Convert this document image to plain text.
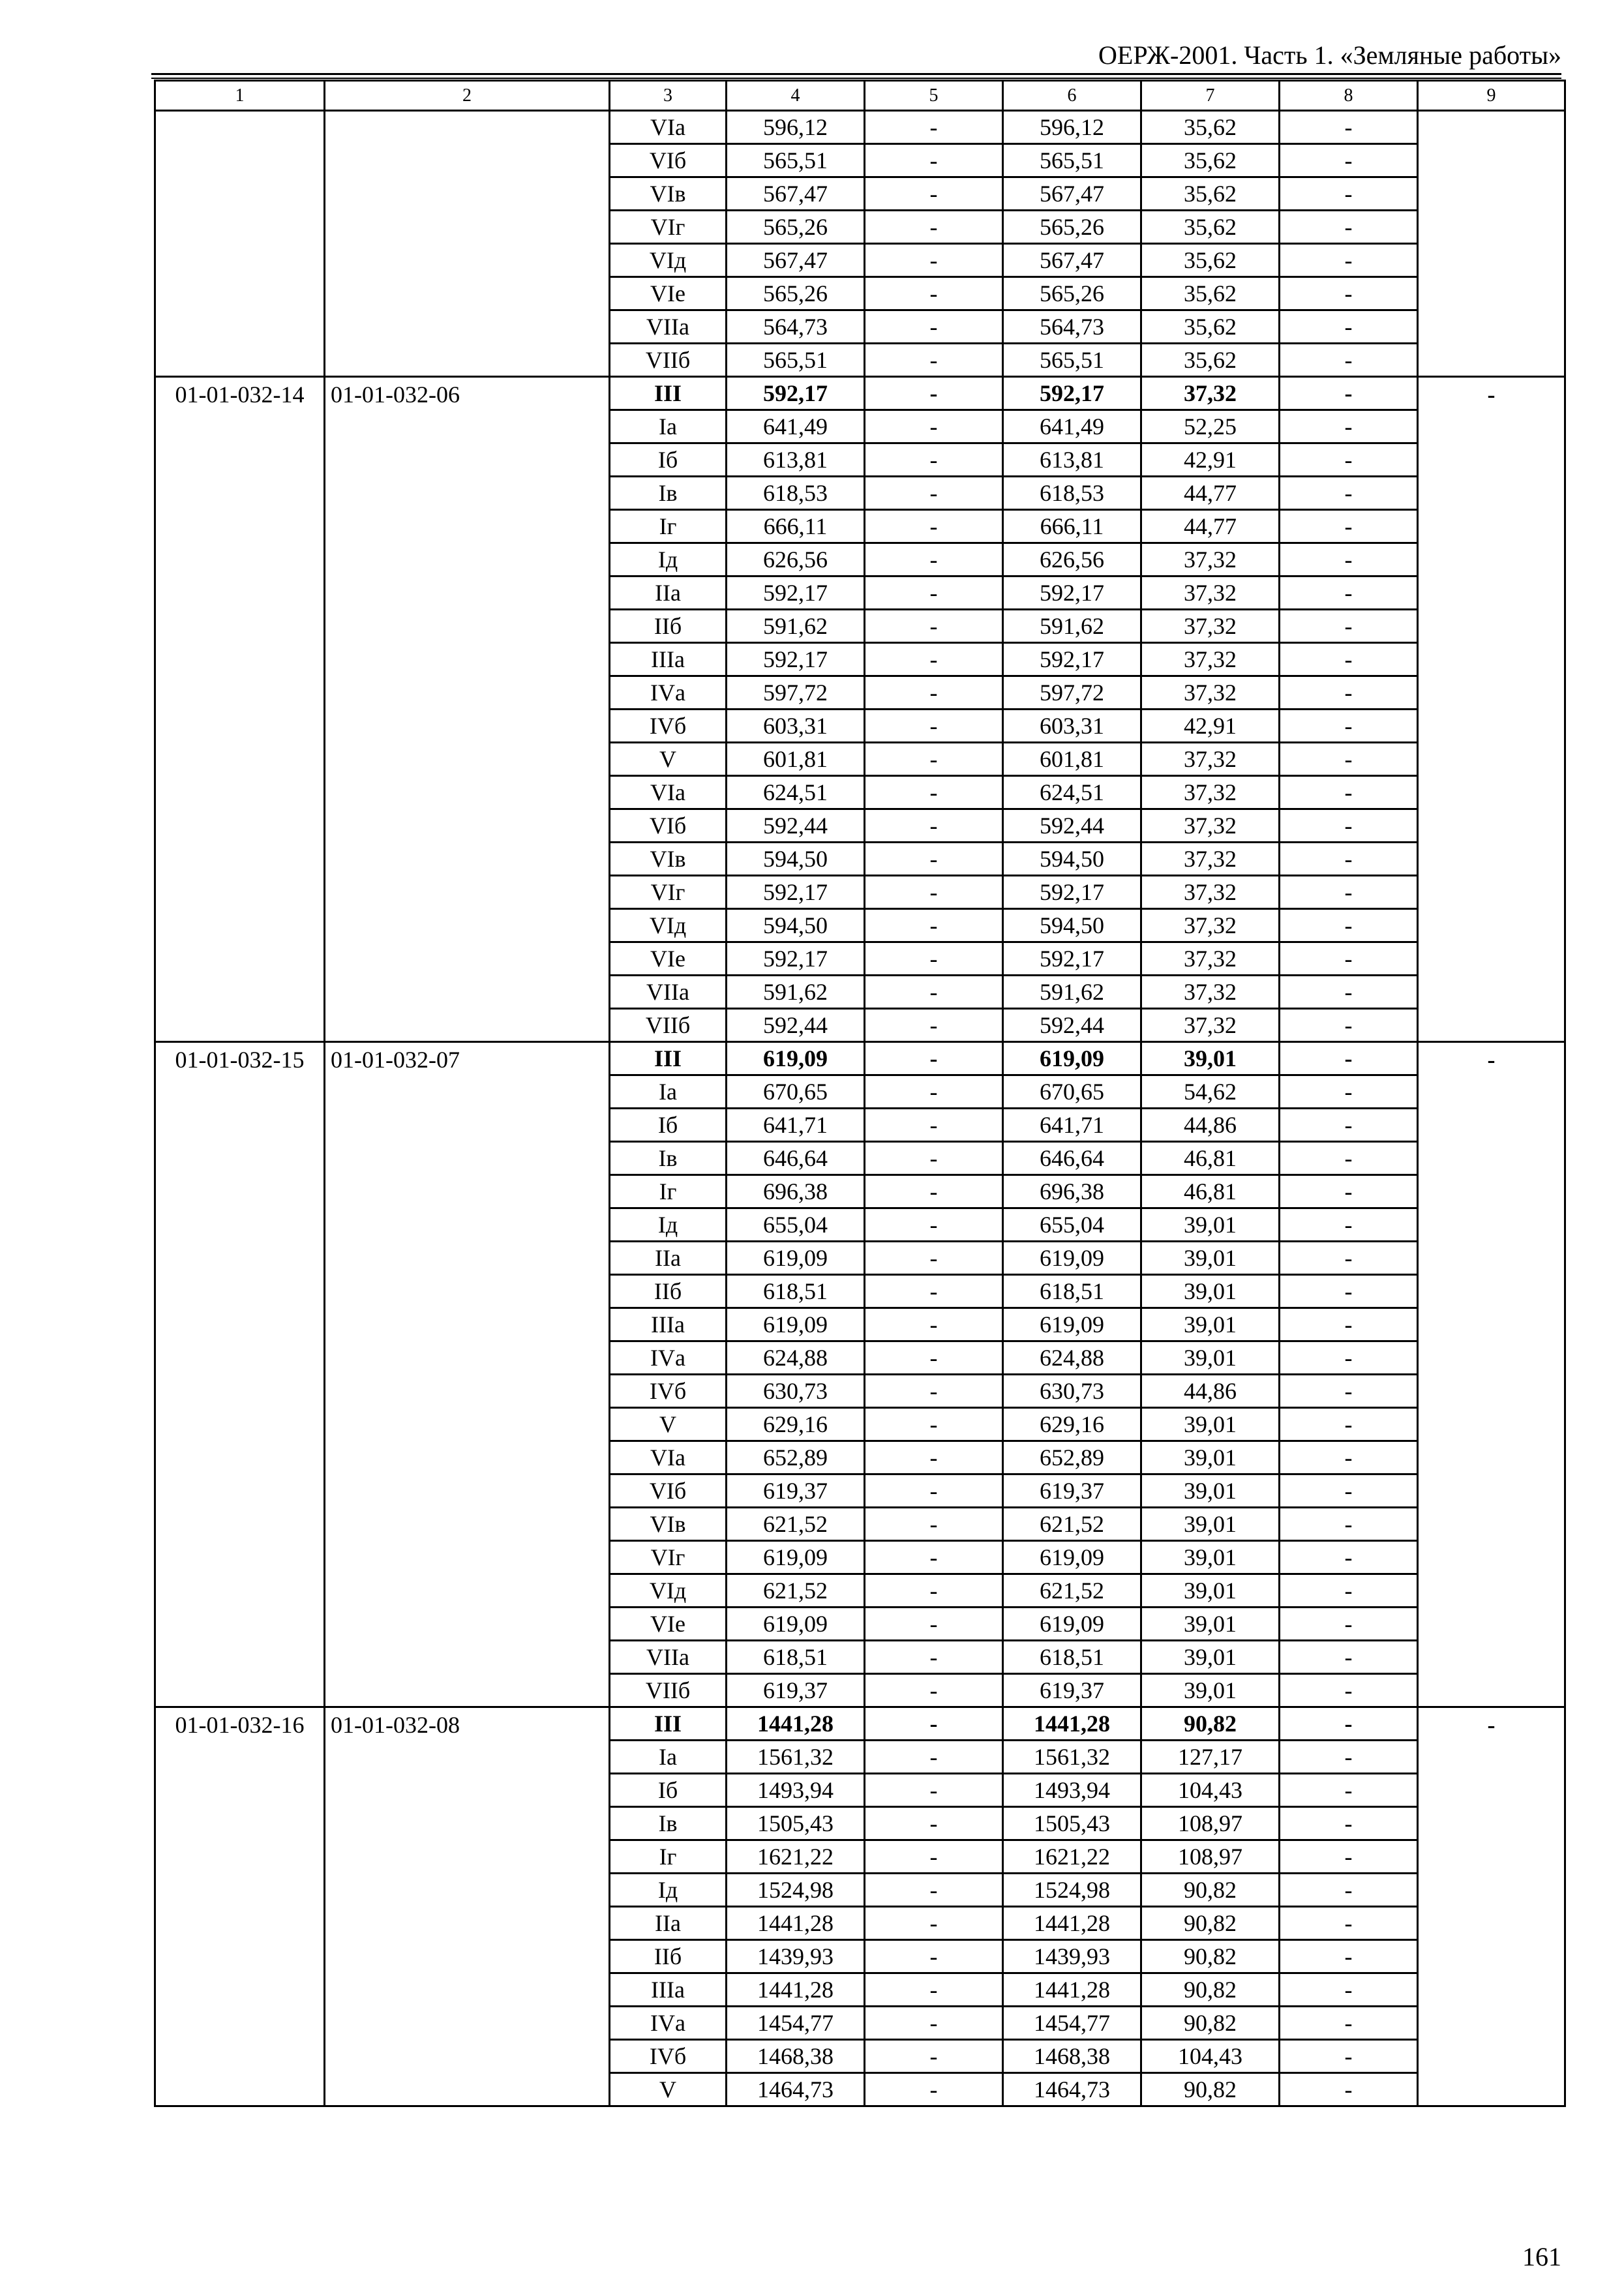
ОЕРЖ-2001. Часть 1. «Земляные работы»
1	2	3	4	5	6	7	8	9
		VIа	596,12	-	596,12	35,62	-	
		VIб	565,51	-	565,51	35,62	-	
		VIв	567,47	-	567,47	35,62	-	
		VIг	565,26	-	565,26	35,62	-	
		VIд	567,47	-	567,47	35,62	-	
		VIе	565,26	-	565,26	35,62	-	
		VIIа	564,73	-	564,73	35,62	-	
		VIIб	565,51	-	565,51	35,62	-	
01-01-032-14	01-01-032-06	III	592,17	-	592,17	37,32	-	-
		Iа	641,49	-	641,49	52,25	-	
		Iб	613,81	-	613,81	42,91	-	
		Iв	618,53	-	618,53	44,77	-	
		Iг	666,11	-	666,11	44,77	-	
		Iд	626,56	-	626,56	37,32	-	
		IIа	592,17	-	592,17	37,32	-	
		IIб	591,62	-	591,62	37,32	-	
		IIIа	592,17	-	592,17	37,32	-	
		IVа	597,72	-	597,72	37,32	-	
		IVб	603,31	-	603,31	42,91	-	
		V	601,81	-	601,81	37,32	-	
		VIа	624,51	-	624,51	37,32	-	
		VIб	592,44	-	592,44	37,32	-	
		VIв	594,50	-	594,50	37,32	-	
		VIг	592,17	-	592,17	37,32	-	
		VIд	594,50	-	594,50	37,32	-	
		VIе	592,17	-	592,17	37,32	-	
		VIIа	591,62	-	591,62	37,32	-	
		VIIб	592,44	-	592,44	37,32	-	
01-01-032-15	01-01-032-07	III	619,09	-	619,09	39,01	-	-
		Iа	670,65	-	670,65	54,62	-	
		Iб	641,71	-	641,71	44,86	-	
		Iв	646,64	-	646,64	46,81	-	
		Iг	696,38	-	696,38	46,81	-	
		Iд	655,04	-	655,04	39,01	-	
		IIа	619,09	-	619,09	39,01	-	
		IIб	618,51	-	618,51	39,01	-	
		IIIа	619,09	-	619,09	39,01	-	
		IVа	624,88	-	624,88	39,01	-	
		IVб	630,73	-	630,73	44,86	-	
		V	629,16	-	629,16	39,01	-	
		VIа	652,89	-	652,89	39,01	-	
		VIб	619,37	-	619,37	39,01	-	
		VIв	621,52	-	621,52	39,01	-	
		VIг	619,09	-	619,09	39,01	-	
		VIд	621,52	-	621,52	39,01	-	
		VIе	619,09	-	619,09	39,01	-	
		VIIа	618,51	-	618,51	39,01	-	
		VIIб	619,37	-	619,37	39,01	-	
01-01-032-16	01-01-032-08	III	1441,28	-	1441,28	90,82	-	-
		Iа	1561,32	-	1561,32	127,17	-	
		Iб	1493,94	-	1493,94	104,43	-	
		Iв	1505,43	-	1505,43	108,97	-	
		Iг	1621,22	-	1621,22	108,97	-	
		Iд	1524,98	-	1524,98	90,82	-	
		IIа	1441,28	-	1441,28	90,82	-	
		IIб	1439,93	-	1439,93	90,82	-	
		IIIа	1441,28	-	1441,28	90,82	-	
		IVа	1454,77	-	1454,77	90,82	-	
		IVб	1468,38	-	1468,38	104,43	-	
		V	1464,73	-	1464,73	90,82	-	
161
